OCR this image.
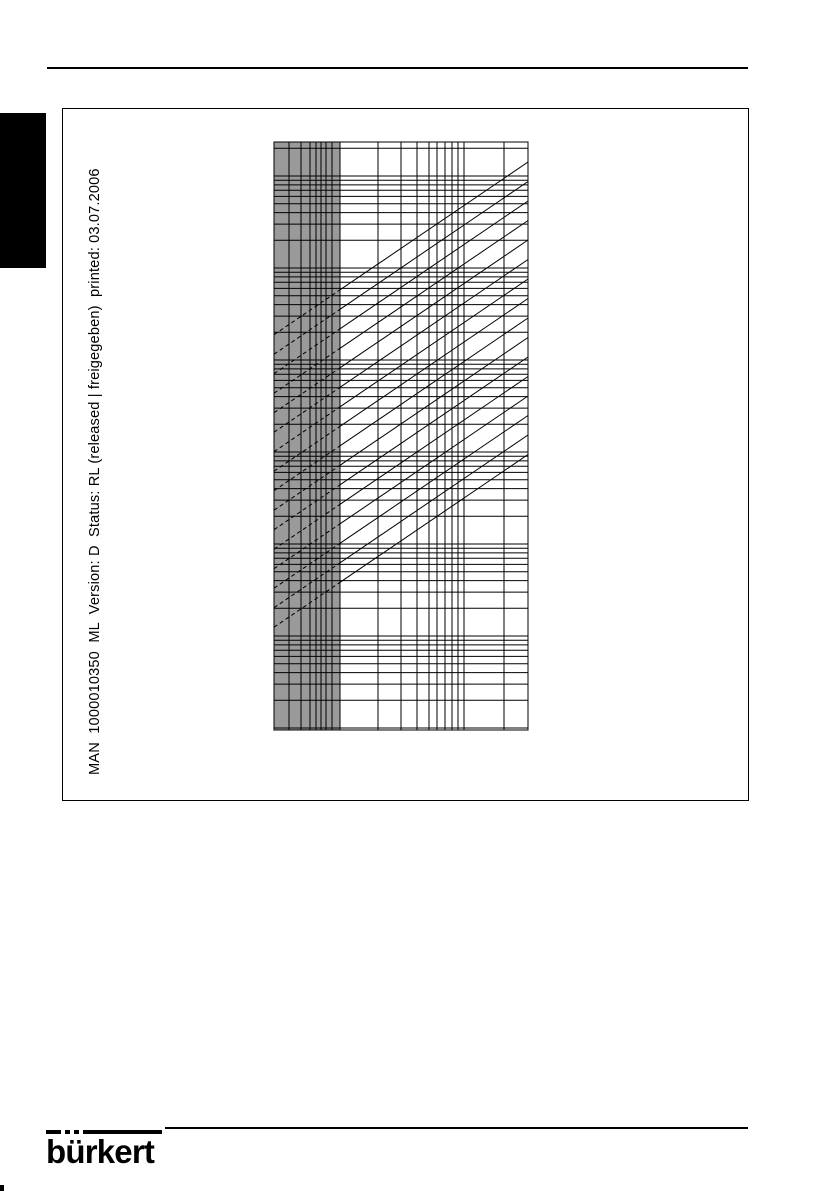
MAN  1000010350  ML  Version: D  Status: RL (released | freigegeben)  printed: 03.07.2006
bürkert
